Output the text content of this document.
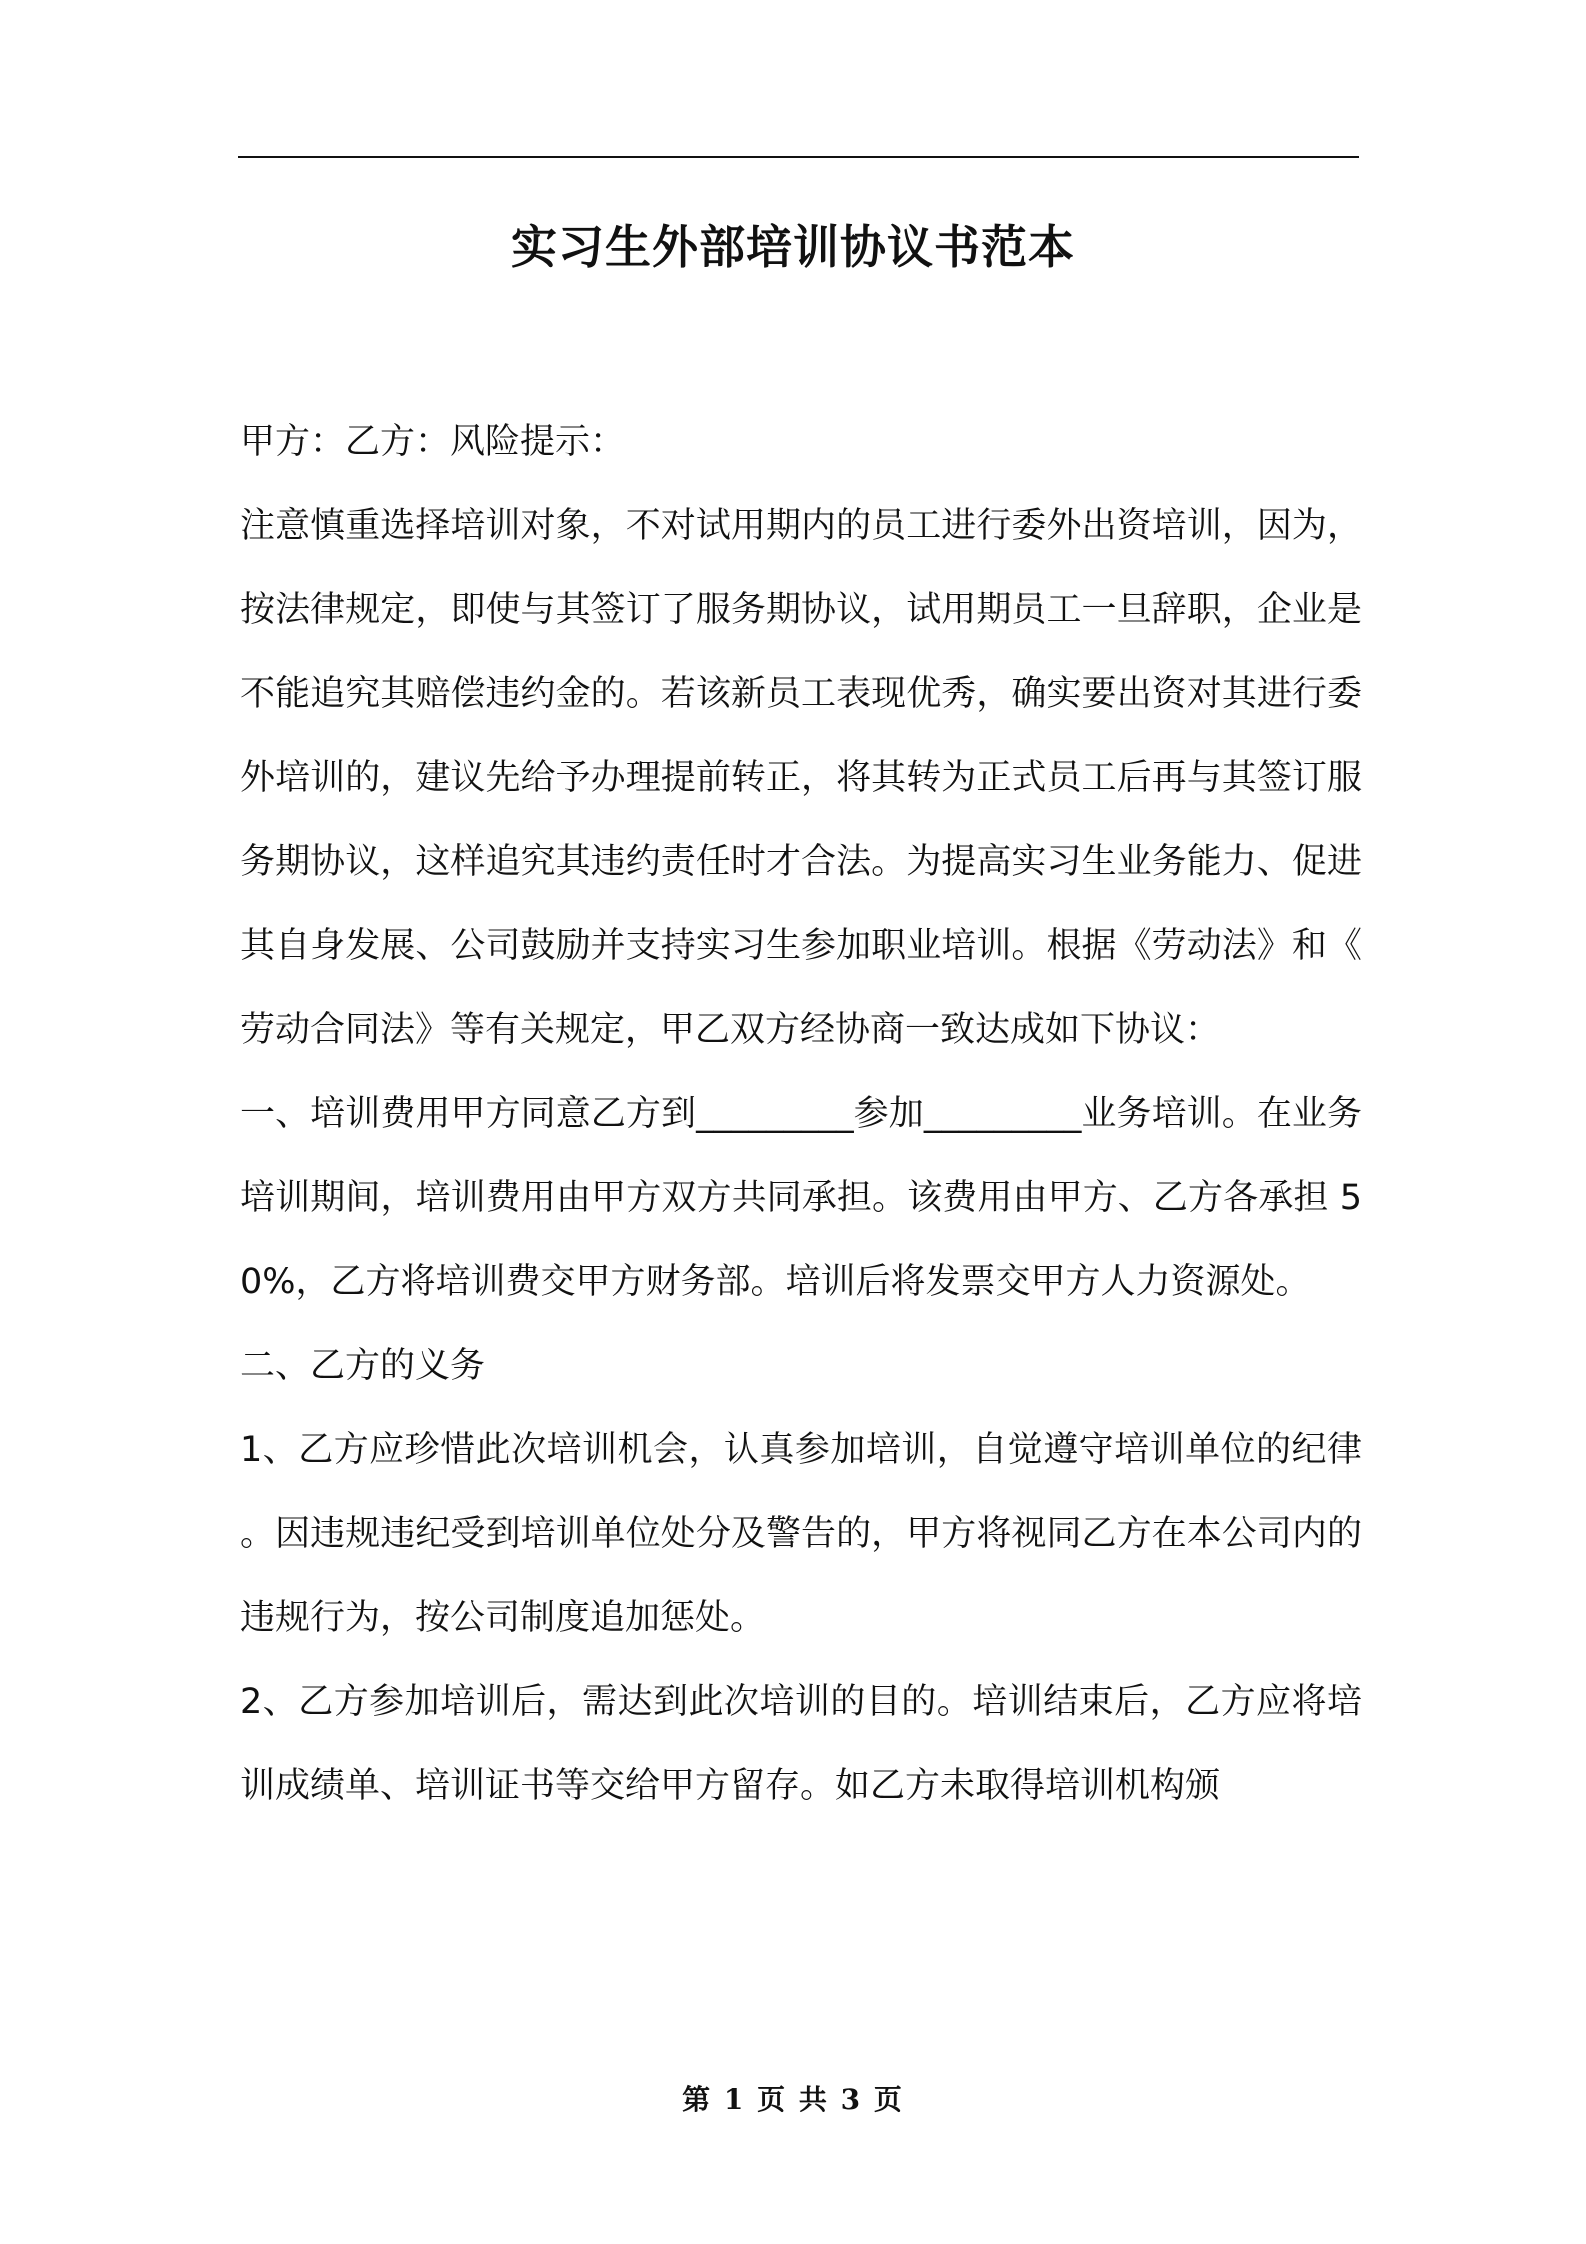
实习生外部培训协议书范本

甲方：乙方：风险提示：

注意慎重选择培训对象，不对试用期内的员工进行委外出资培训，因为，按法律规定，即使与其签订了服务期协议，试用期员工一旦辞职，企业是不能追究其赔偿违约金的。若该新员工表现优秀，确实要出资对其进行委外培训的，建议先给予办理提前转正，将其转为正式员工后再与其签订服务期协议，这样追究其违约责任时才合法。为提高实习生业务能力、促进其自身发展、公司鼓励并支持实习生参加职业培训。根据《劳动法》和《劳动合同法》等有关规定，甲乙双方经协商一致达成如下协议：

一、培训费用甲方同意乙方到_________参加_________业务培训。在业务培训期间，培训费用由甲方双方共同承担。该费用由甲方、乙方各承担 50%，乙方将培训费交甲方财务部。培训后将发票交甲方人力资源处。

二、乙方的义务

1、乙方应珍惜此次培训机会，认真参加培训，自觉遵守培训单位的纪律。因违规违纪受到培训单位处分及警告的，甲方将视同乙方在本公司内的违规行为，按公司制度追加惩处。

2、乙方参加培训后，需达到此次培训的目的。培训结束后，乙方应将培训成绩单、培训证书等交给甲方留存。如乙方未取得培训机构颁

第 1 页 共 3 页
